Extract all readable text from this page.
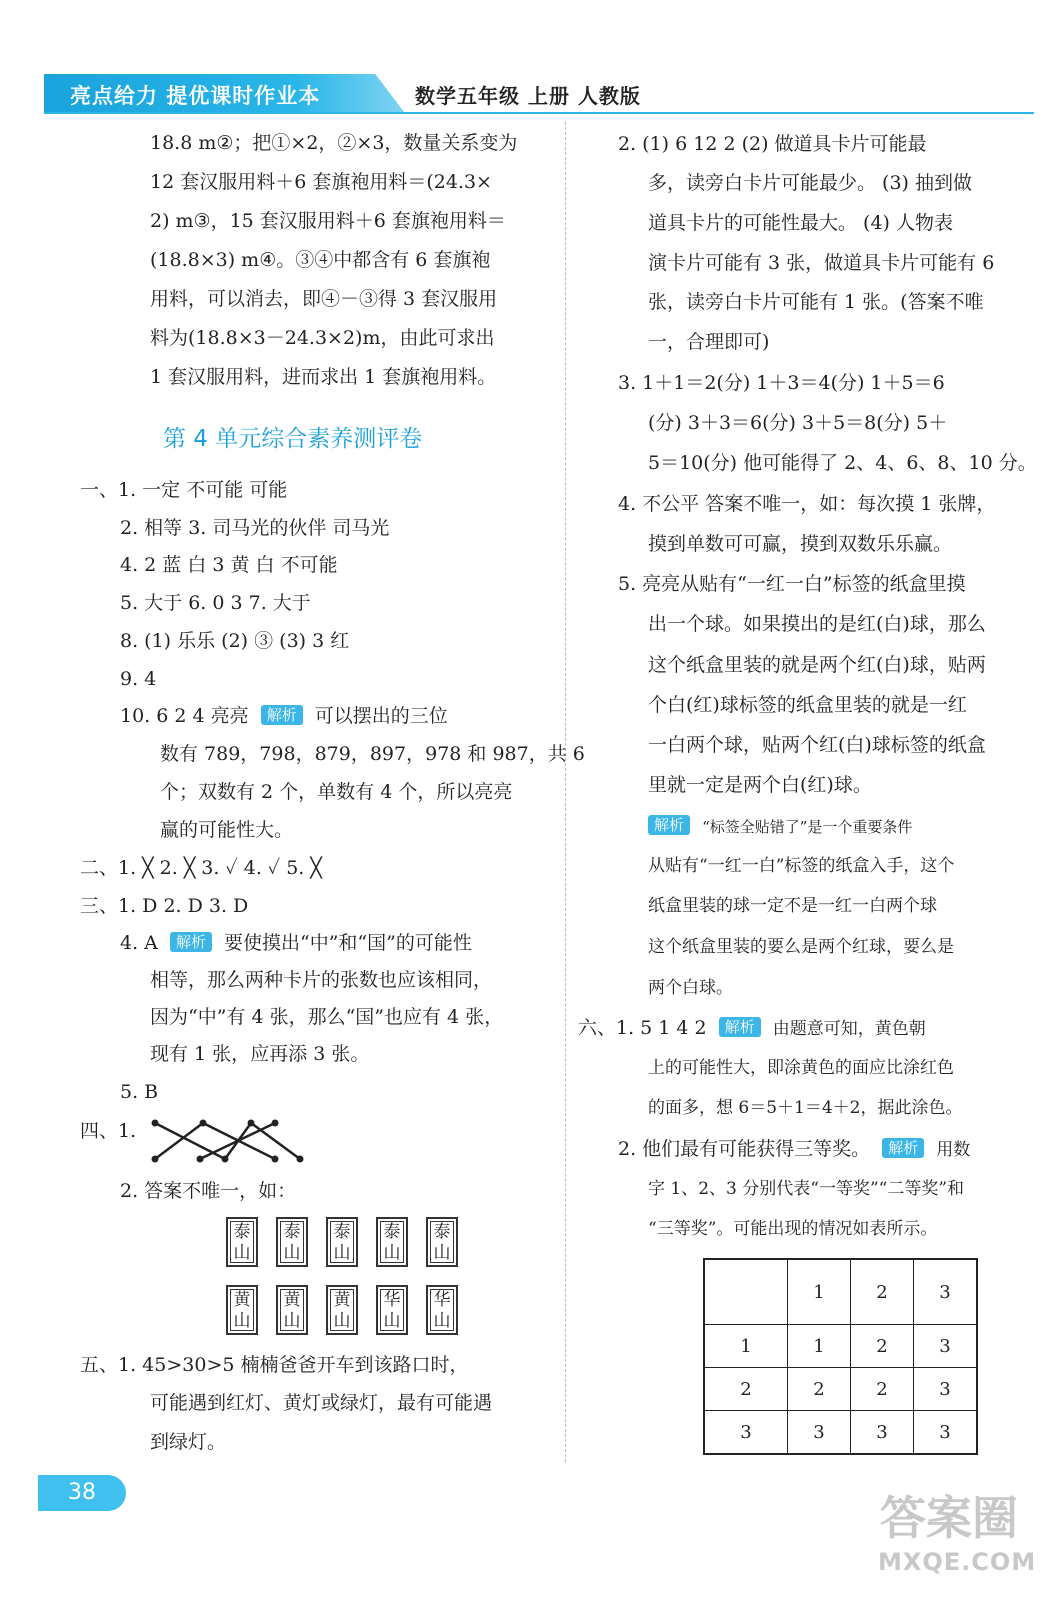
亮点给力 提优课时作业本	数学五年级 上册 人教版
18.8 m②；把①×2，②×3，数量关系变为
12 套汉服用料＋6 套旗袍用料＝(24.3×
2) m③，15 套汉服用料＋6 套旗袍用料＝
(18.8×3) m④。③④中都含有 6 套旗袍
用料，可以消去，即④－③得 3 套汉服用
料为(18.8×3－24.3×2)m，由此可求出
1 套汉服用料，进而求出 1 套旗袍用料。
第 4 单元综合素养测评卷
一、1. 一定 不可能 可能
2. 相等 3. 司马光的伙伴 司马光
4. 2 蓝 白 3 黄 白 不可能
5. 大于 6. 0 3 7. 大于
8. (1) 乐乐 (2) ③ (3) 3 红
9. 4
10. 6 2 4 亮亮 解析 可以摆出的三位
数有 789，798，879，897，978 和 987，共 6
个；双数有 2 个，单数有 4 个，所以亮亮
赢的可能性大。
二、1. ╳ 2. ╳ 3. ✓ 4. ✓ 5. ╳
三、1. D 2. D 3. D
4. A 解析 要使摸出“中”和“国”的可能性
相等，那么两种卡片的张数也应该相同，
因为“中”有 4 张，那么“国”也应有 4 张，
现有 1 张，应再添 3 张。
5. B
四、1.
2. 答案不唯一，如：
泰
山
泰
山
泰
山
泰
山
泰
山
黄
山
黄
山
黄
山
华
山
华
山
五、1. 45>30>5 楠楠爸爸开车到该路口时，
可能遇到红灯、黄灯或绿灯，最有可能遇
到绿灯。
2. (1) 6 12 2 (2) 做道具卡片可能最
多，读旁白卡片可能最少。 (3) 抽到做
道具卡片的可能性最大。 (4) 人物表
演卡片可能有 3 张，做道具卡片可能有 6
张，读旁白卡片可能有 1 张。(答案不唯
一，合理即可)
3. 1＋1＝2(分) 1＋3＝4(分) 1＋5＝6
(分) 3＋3＝6(分) 3＋5＝8(分) 5＋
5＝10(分) 他可能得了 2、4、6、8、10 分。
4. 不公平 答案不唯一，如：每次摸 1 张牌，
摸到单数可可赢，摸到双数乐乐赢。
5. 亮亮从贴有“一红一白”标签的纸盒里摸
出一个球。如果摸出的是红(白)球，那么
这个纸盒里装的就是两个红(白)球，贴两
个白(红)球标签的纸盒里装的就是一红
一白两个球，贴两个红(白)球标签的纸盒
里就一定是两个白(红)球。
解析 “标签全贴错了”是一个重要条件
从贴有“一红一白”标签的纸盒入手，这个
纸盒里装的球一定不是一红一白两个球
这个纸盒里装的要么是两个红球，要么是
两个白球。
六、1. 5 1 4 2 解析 由题意可知，黄色朝
上的可能性大，即涂黄色的面应比涂红色
的面多，想 6＝5＋1＝4＋2，据此涂色。
2. 他们最有可能获得三等奖。 解析 用数
字 1、2、3 分别代表“一等奖”“二等奖”和
“三等奖”。可能出现的情况如表所示。
	1	2	3
1	1	2	3
2	2	2	3
3	3	3	3
38	答案圈
MXQE.COM
